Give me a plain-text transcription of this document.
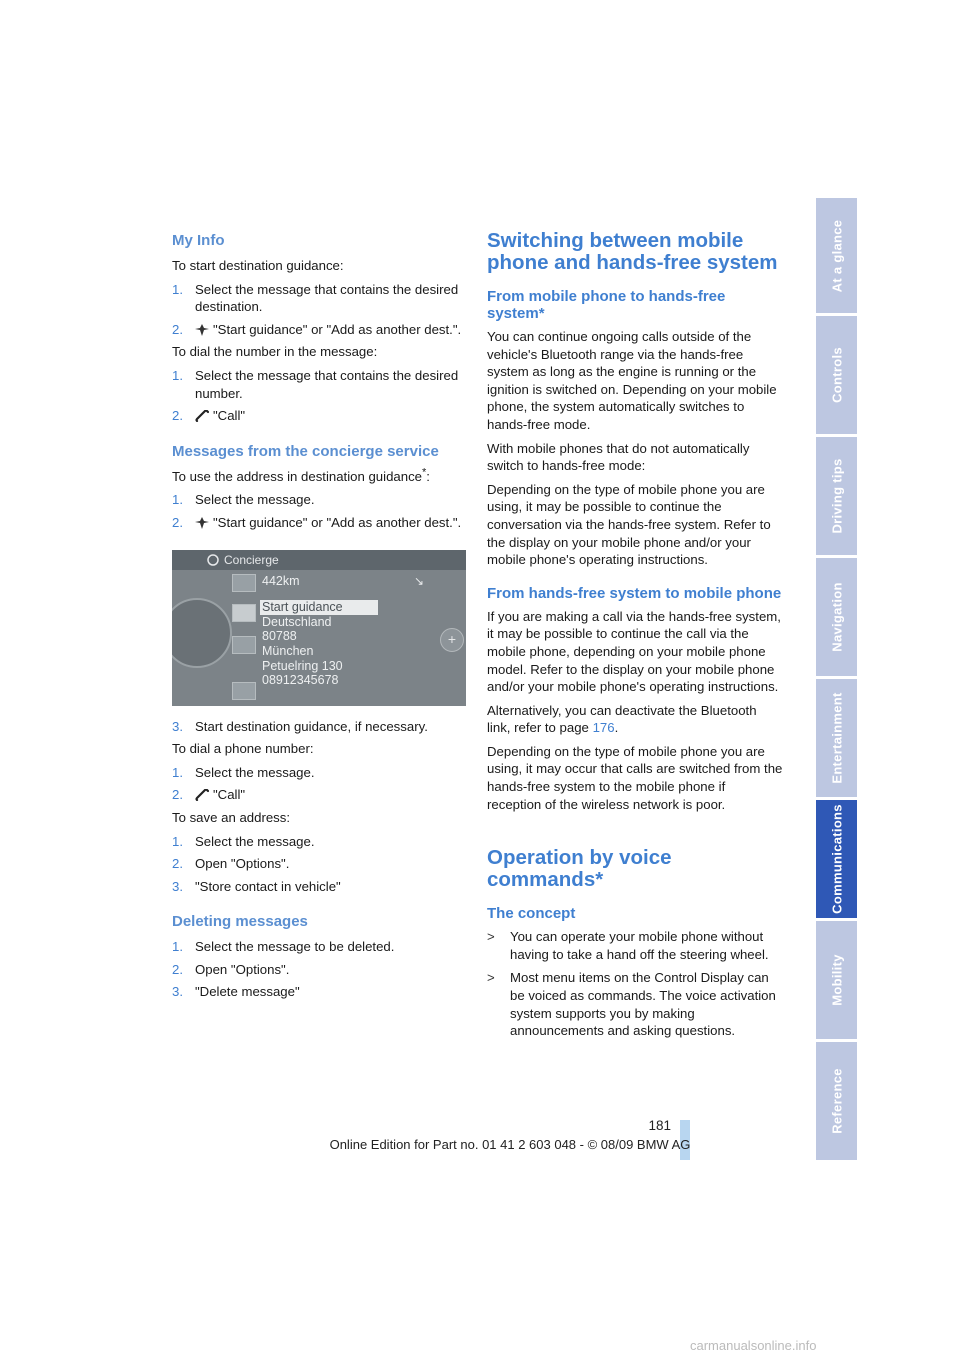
My Info

To start destination guidance:

1. Select the message that contains the desired destination.
2. "Start guidance" or "Add as another dest.".

To dial the number in the message:

1. Select the message that contains the desired number.
2. "Call"
Messages from the concierge service

To use the address in destination guidance*:

1. Select the message.
2. "Start guidance" or "Add as another dest.".
Concierge
↘
+
442km
Start guidance
Deutschland
80788
München
Petuelring 130
08912345678
3. Start destination guidance, if necessary.

To dial a phone number:

1. Select the message.
2. "Call"

To save an address:

1. Select the message.
2. Open "Options".
3. "Store contact in vehicle"
Deleting messages
1. Select the message to be deleted.
2. Open "Options".
3. "Delete message"
Switching between mobile phone and hands-free system
From mobile phone to hands-free system*

You can continue ongoing calls outside of the vehicle's Bluetooth range via the hands-free system as long as the engine is running or the ignition is switched on. Depending on your mobile phone, the system automatically switches to hands-free mode.

With mobile phones that do not automatically switch to hands-free mode:

Depending on the type of mobile phone you are using, it may be possible to continue the conversation via the hands-free system. Refer to the display on your mobile phone and/or your mobile phone's operating instructions.

From hands-free system to mobile phone

If you are making a call via the hands-free system, it may be possible to continue the call via the mobile phone, depending on your mobile phone model. Refer to the display on your mobile phone and/or your mobile phone's operating instructions.

Alternatively, you can deactivate the Bluetooth link, refer to page 176.

Depending on the type of mobile phone you are using, it may occur that calls are switched from the hands-free system to the mobile phone if reception of the wireless network is poor.

Operation by voice commands*
The concept
> You can operate your mobile phone without having to take a hand off the steering wheel.
> Most menu items on the Control Display can be voiced as commands. The voice activation system supports you by making announcements and asking questions.
At a glance
Controls
Driving tips
Navigation
Entertainment
Communications
Mobility
Reference
181
Online Edition for Part no. 01 41 2 603 048 - © 08/09 BMW AG
carmanualsonline.info
